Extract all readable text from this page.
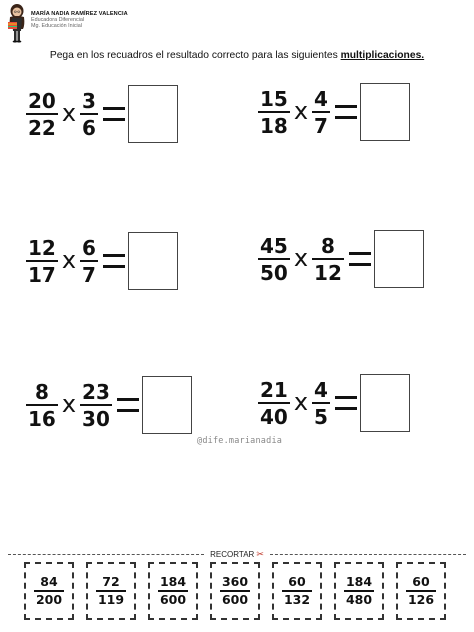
MARÍA NADIA RAMÍREZ VALENCIA
Educadora Diferencial
Mg. Educación Inicial
Pega en los recuadros el resultado correcto para las siguientes multiplicaciones.
$\frac{20}{22}$ x $\frac{3}{6}$	$\frac{15}{18}$ x $\frac{4}{7}$
$\frac{12}{17}$ x $\frac{6}{7}$	$\frac{45}{50}$ x $\frac{8}{12}$
$\frac{8}{16}$ x $\frac{23}{30}$	$\frac{21}{40}$ x $\frac{4}{5}$
@dife.marianadia
RECORTAR ✂
$\frac{84}{200}$	$\frac{72}{119}$	$\frac{184}{600}$	$\frac{360}{600}$	$\frac{60}{132}$	$\frac{184}{480}$	$\frac{60}{126}$
